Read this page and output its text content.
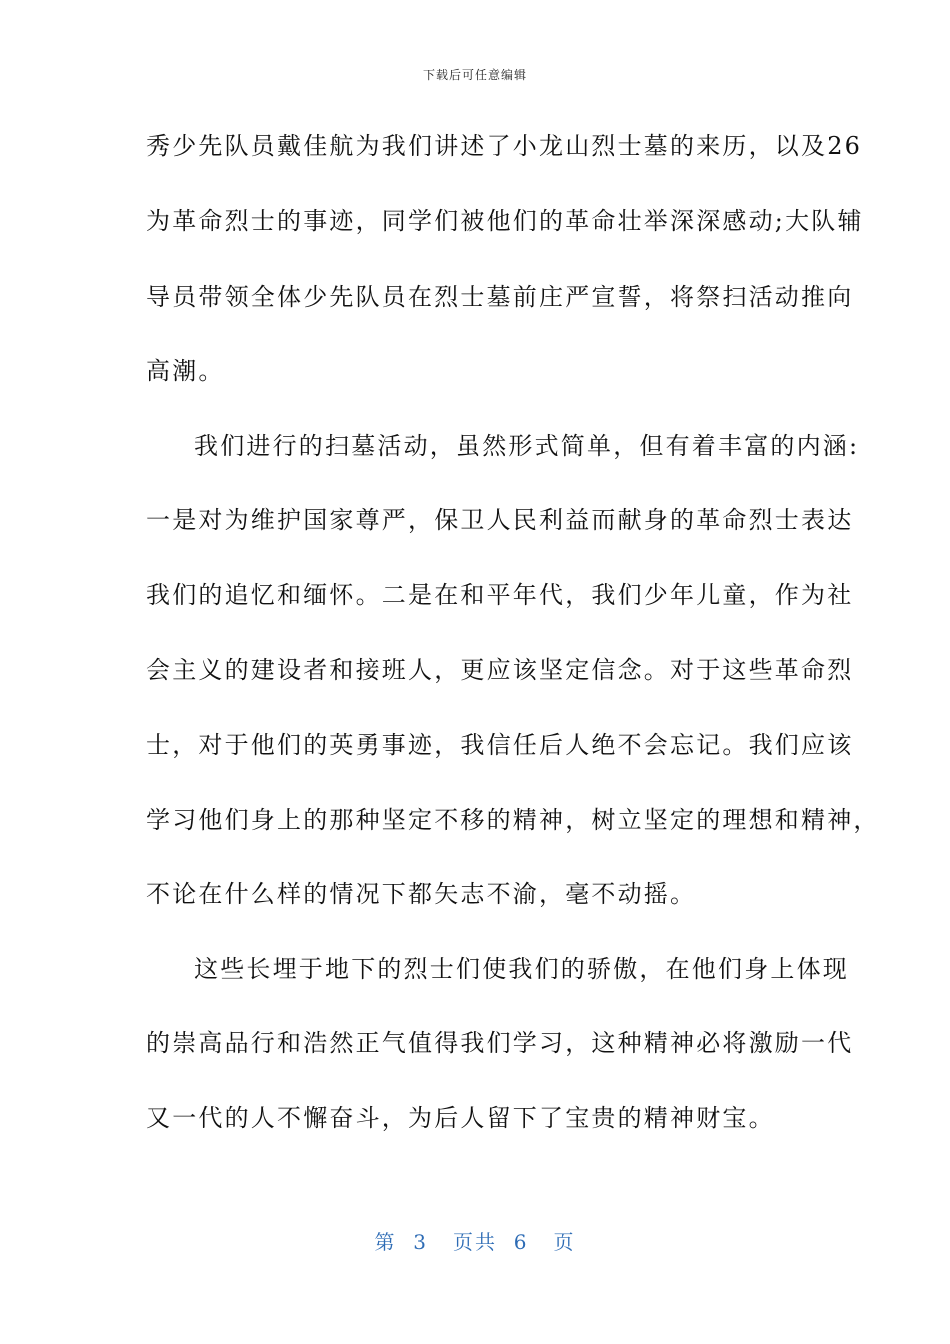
下载后可任意编辑
秀少先队员戴佳航为我们讲述了小龙山烈士墓的来历，以及26
为革命烈士的事迹，同学们被他们的革命壮举深深感动;大队辅
导员带领全体少先队员在烈士墓前庄严宣誓，将祭扫活动推向
高潮。
我们进行的扫墓活动，虽然形式简单，但有着丰富的内涵:
一是对为维护国家尊严，保卫人民利益而献身的革命烈士表达
我们的追忆和缅怀。二是在和平年代，我们少年儿童，作为社
会主义的建设者和接班人，更应该坚定信念。对于这些革命烈
士，对于他们的英勇事迹，我信任后人绝不会忘记。我们应该
学习他们身上的那种坚定不移的精神，树立坚定的理想和精神，
不论在什么样的情况下都矢志不渝，毫不动摇。
这些长埋于地下的烈士们使我们的骄傲，在他们身上体现
的崇高品行和浩然正气值得我们学习，这种精神必将激励一代
又一代的人不懈奋斗，为后人留下了宝贵的精神财宝。
第  3   页共  6   页
